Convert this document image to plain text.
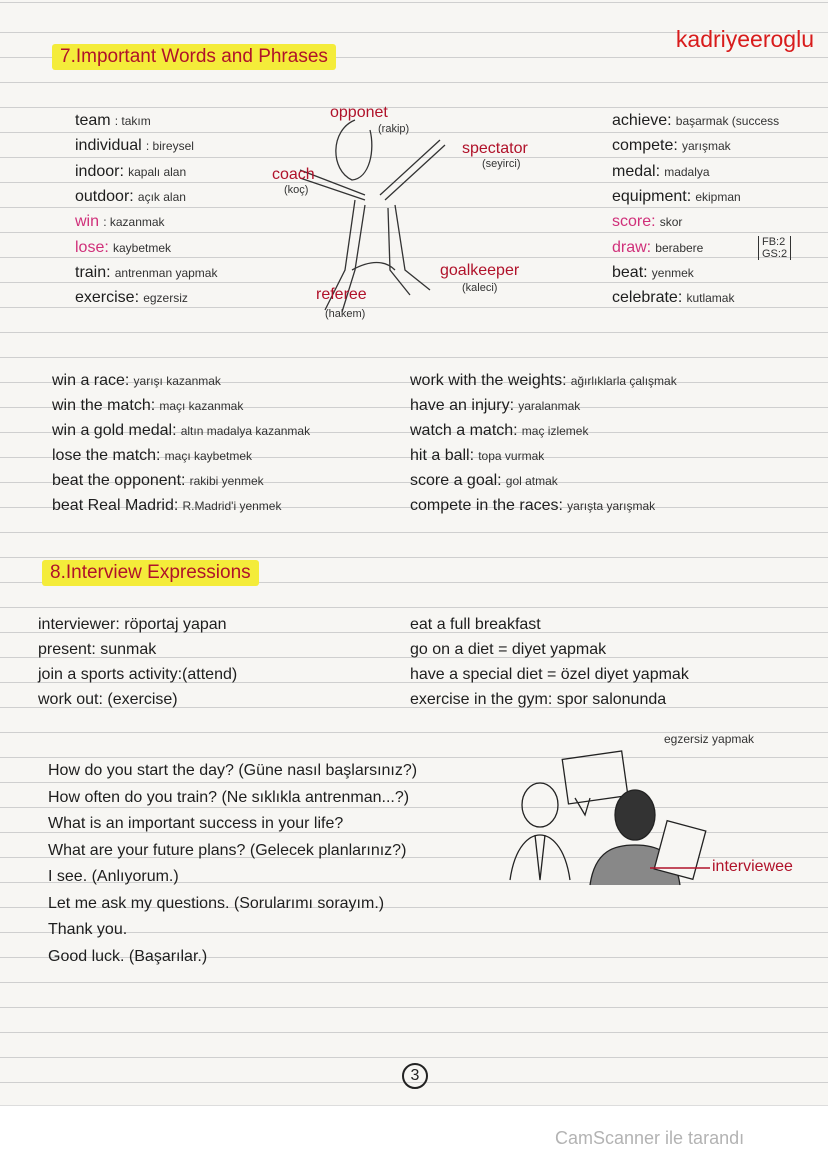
kadriyeeroglu
7.Important Words and Phrases
opponet
(rakip)
spectator
(seyirci)
coach
(koç)
goalkeeper
(kaleci)
referee
(hakem)
FB:2
GS:2
8.Interview Expressions
egzersiz yapmak
interviewee
3
CamScanner ile tarandı
team : takım
individual : bireysel
indoor: kapalı alan
outdoor: açık alan
win : kazanmak
lose: kaybetmek
train: antrenman yapmak
exercise: egzersiz
achieve: başarmak (success
compete: yarışmak
medal: madalya
equipment: ekipman
score: skor
draw: berabere
beat: yenmek
celebrate: kutlamak
win a race: yarışı kazanmak
win the match: maçı kazanmak
win a gold medal: altın madalya kazanmak
lose the match: maçı kaybetmek
beat the opponent: rakibi yenmek
beat Real Madrid: R.Madrid'i yenmek
work with the weights: ağırlıklarla çalışmak
have an injury: yaralanmak
watch a match: maç izlemek
hit a ball: topa vurmak
score a goal: gol atmak
compete in the races: yarışta yarışmak
interviewer: röportaj yapan
present: sunmak
join a sports activity:(attend)
work out: (exercise)
eat a full breakfast
go on a diet = diyet yapmak
have a special diet = özel diyet yapmak
exercise in the gym: spor salonunda
How do you start the day? (Güne nasıl başlarsınız?)
How often do you train? (Ne sıklıkla antrenman...?)
What is an important success in your life?
What are your future plans? (Gelecek planlarınız?)
I see. (Anlıyorum.)
Let me ask my questions. (Sorularımı sorayım.)
Thank you.
Good luck. (Başarılar.)
